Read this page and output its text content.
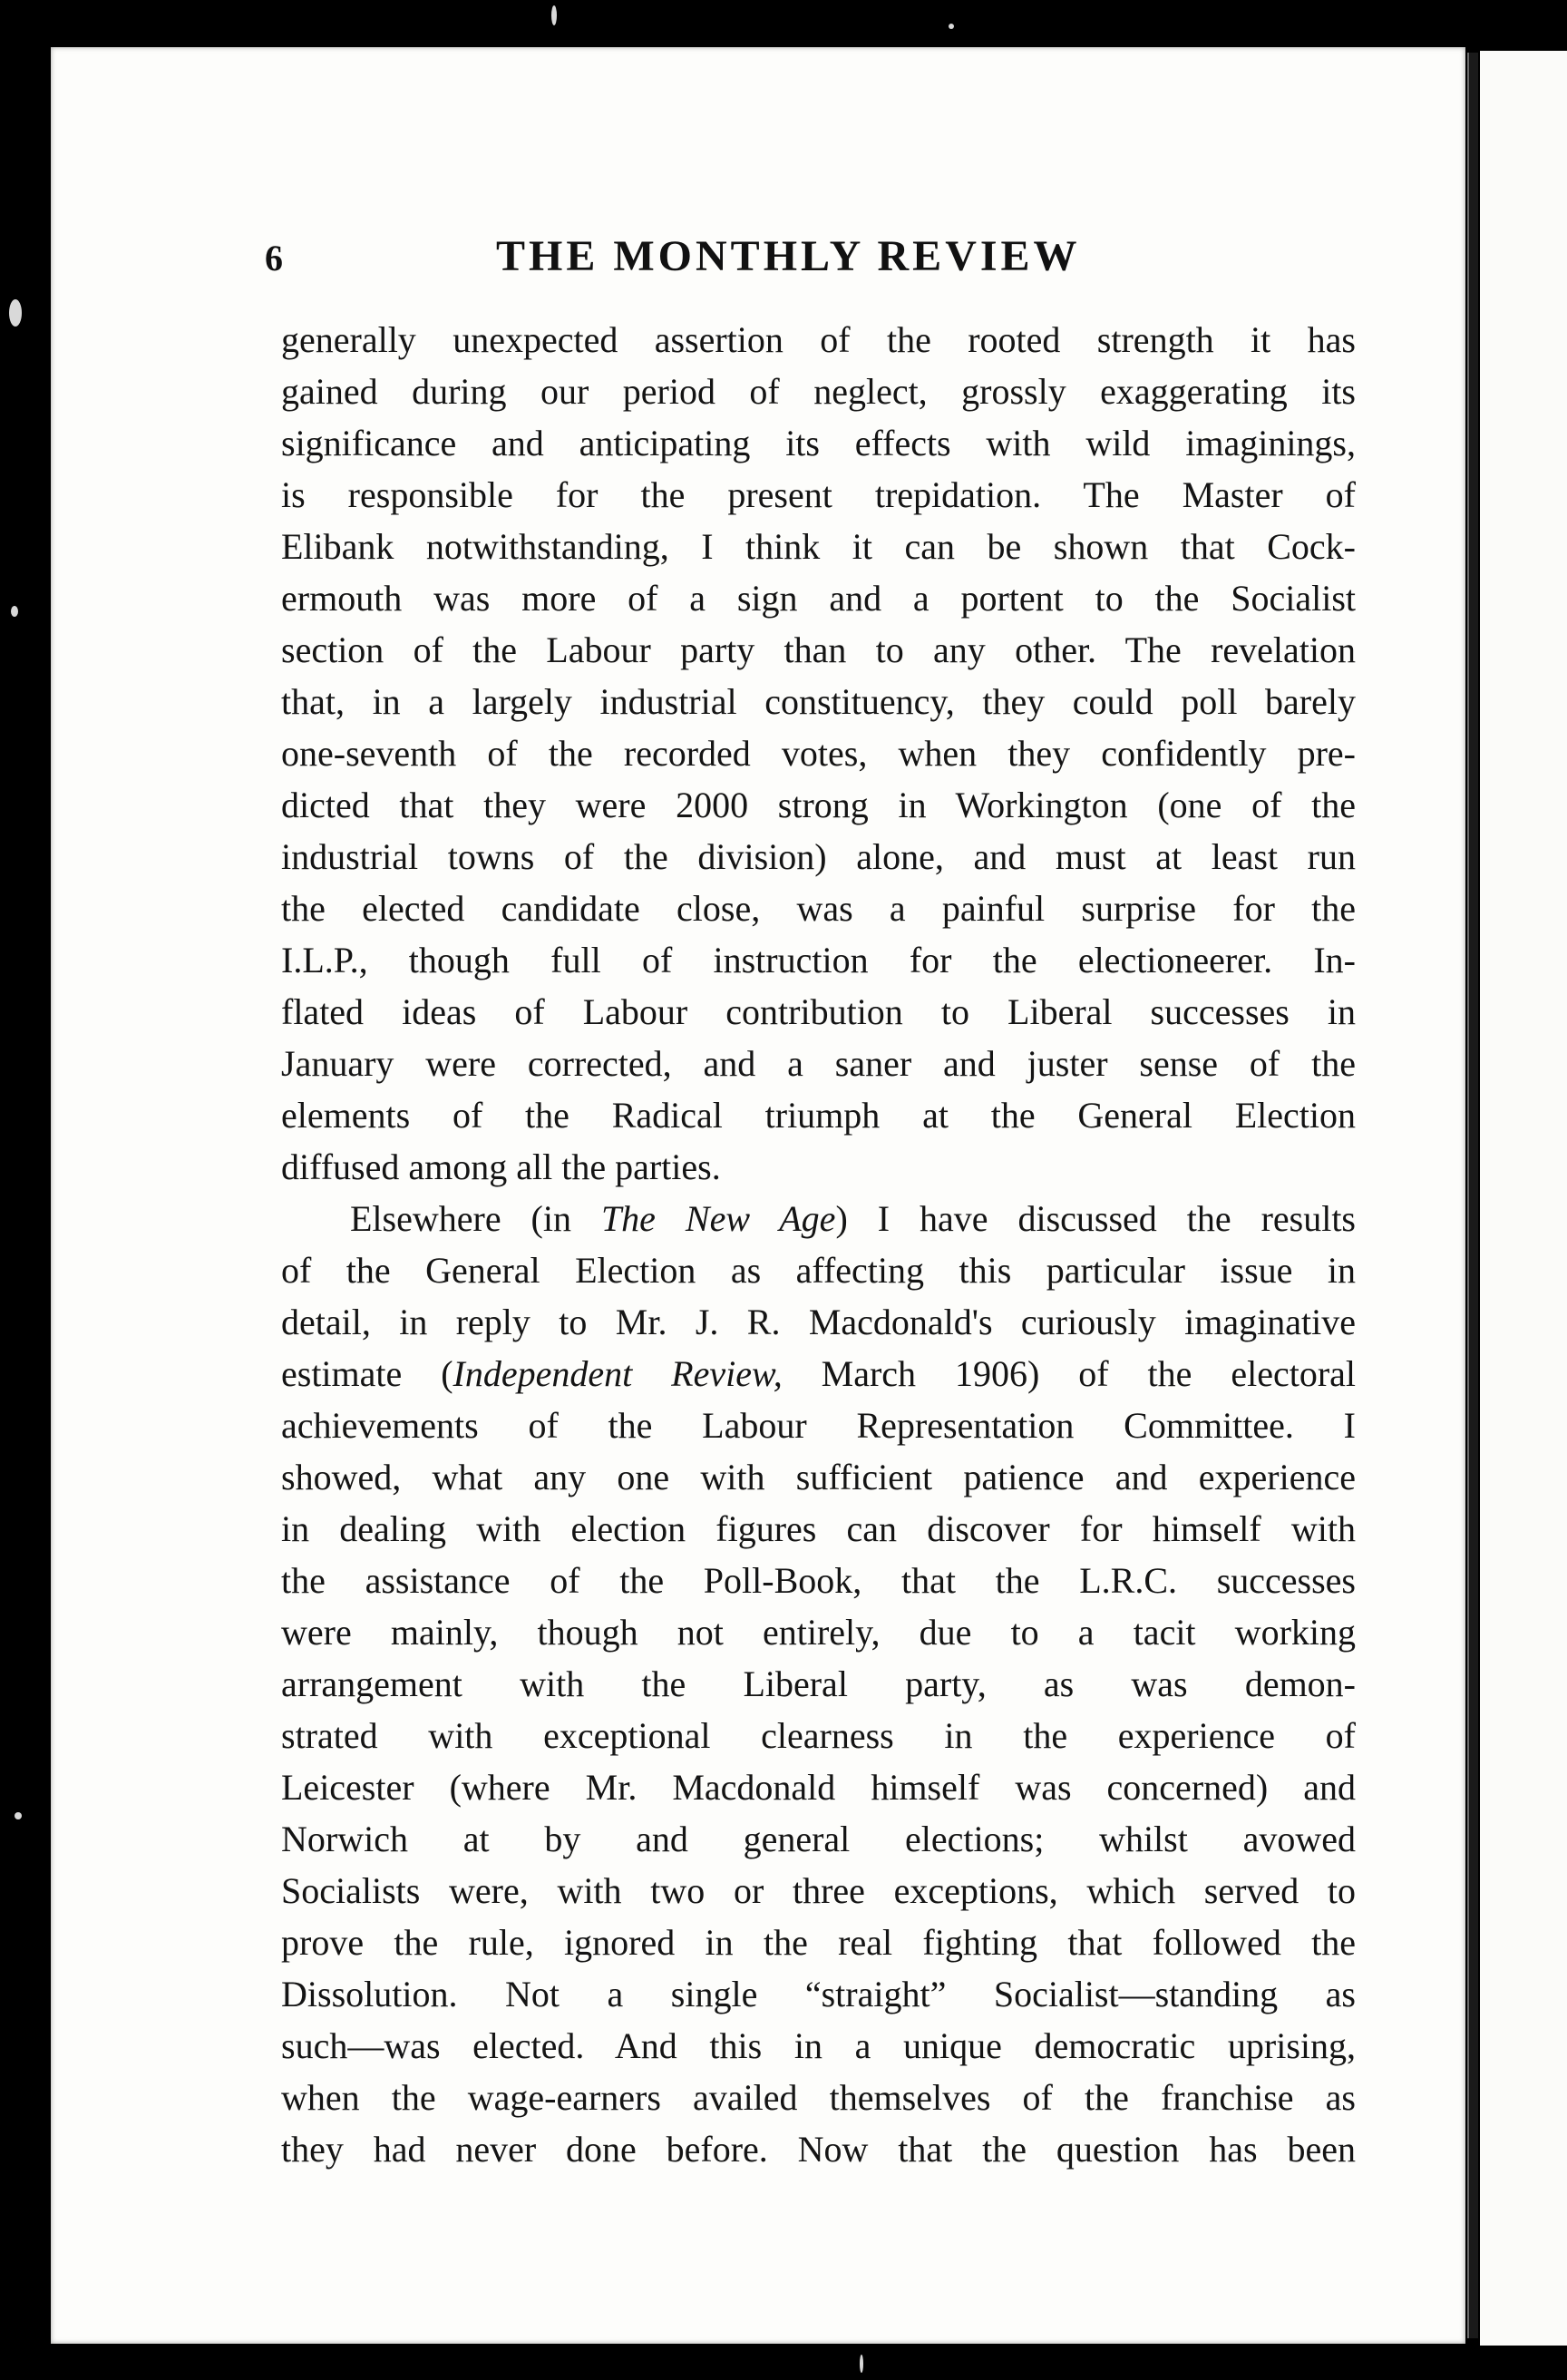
6	THE MONTHLY REVIEW
generally unexpected assertion of the rooted strength it has
gained during our period of neglect, grossly exaggerating its
significance and anticipating its effects with wild imaginings,
is responsible for the present trepidation. The Master of
Elibank notwithstanding, I think it can be shown that Cock-
ermouth was more of a sign and a portent to the Socialist
section of the Labour party than to any other. The revelation
that, in a largely industrial constituency, they could poll barely
one-seventh of the recorded votes, when they confidently pre-
dicted that they were 2000 strong in Workington (one of the
industrial towns of the division) alone, and must at least run
the elected candidate close, was a painful surprise for the
I.L.P., though full of instruction for the electioneerer. In-
flated ideas of Labour contribution to Liberal successes in
January were corrected, and a saner and juster sense of the
elements of the Radical triumph at the General Election
diffused among all the parties.
Elsewhere (in The New Age) I have discussed the results
of the General Election as affecting this particular issue in
detail, in reply to Mr. J. R. Macdonald's curiously imaginative
estimate (Independent Review, March 1906) of the electoral
achievements of the Labour Representation Committee. I
showed, what any one with sufficient patience and experience
in dealing with election figures can discover for himself with
the assistance of the Poll-Book, that the L.R.C. successes
were mainly, though not entirely, due to a tacit working
arrangement with the Liberal party, as was demon-
strated with exceptional clearness in the experience of
Leicester (where Mr. Macdonald himself was concerned) and
Norwich at by and general elections; whilst avowed
Socialists were, with two or three exceptions, which served to
prove the rule, ignored in the real fighting that followed the
Dissolution. Not a single “straight” Socialist—standing as
such—was elected. And this in a unique democratic uprising,
when the wage-earners availed themselves of the franchise as
they had never done before. Now that the question has been
